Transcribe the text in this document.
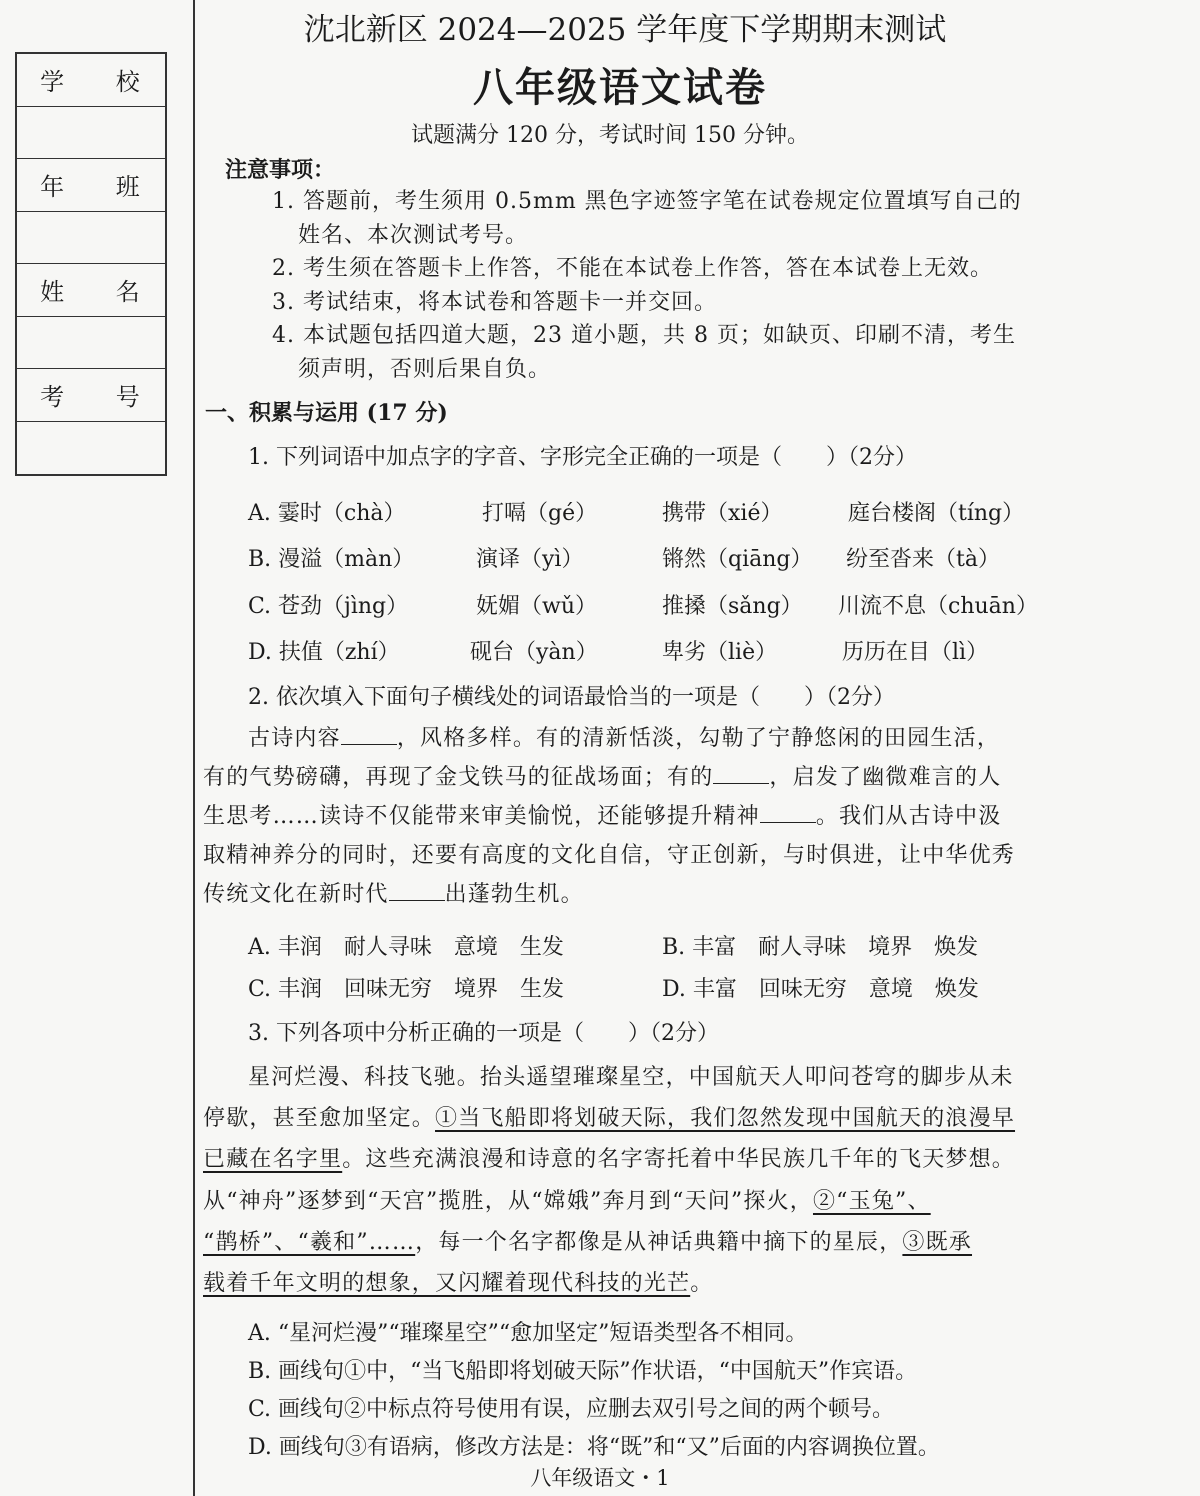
学 校
年 班
姓 名
考 号
沈北新区 2024—2025 学年度下学期期末测试
八年级语文试卷
试题满分 120 分，考试时间 150 分钟。
注意事项：
1. 答题前，考生须用 0.5mm 黑色字迹签字笔在试卷规定位置填写自己的
姓名、本次测试考号。
2. 考生须在答题卡上作答，不能在本试卷上作答，答在本试卷上无效。
3. 考试结束，将本试卷和答题卡一并交回。
4. 本试题包括四道大题，23 道小题，共 8 页；如缺页、印刷不清，考生
须声明，否则后果自负。
一、积累与运用 (17 分)
1. 下列词语中加点字的字音、字形完全正确的一项是（　　）（2分）
A. 霎时（chà）	打嗝（gé）	携带（xié）	庭台楼阁（tíng）
B. 漫溢（màn）	演译（yì）	锵然（qiāng） 纷至沓来（tà）
C. 苍劲（jìng）	妩媚（wǔ）	推搡（sǎng） 川流不息（chuān）
D. 扶值（zhí）	砚台（yàn）	卑劣（liè）	历历在目（lì）
2. 依次填入下面句子横线处的词语最恰当的一项是（　　）（2分）
古诗内容	，风格多样。有的清新恬淡，勾勒了宁静悠闲的田园生活，
有的气势磅礴，再现了金戈铁马的征战场面；有的	，启发了幽微难言的人
生思考……读诗不仅能带来审美愉悦，还能够提升精神	。我们从古诗中汲
取精神养分的同时，还要有高度的文化自信，守正创新，与时俱进，让中华优秀
传统文化在新时代	出蓬勃生机。
A. 丰润　耐人寻味　意境　生发	B. 丰富　耐人寻味　境界　焕发
C. 丰润　回味无穷　境界　生发	D. 丰富　回味无穷　意境　焕发
3. 下列各项中分析正确的一项是（　　）（2分）
星河烂漫、科技飞驰。抬头遥望璀璨星空，中国航天人叩问苍穹的脚步从未
停歇，甚至愈加坚定。①当飞船即将划破天际，我们忽然发现中国航天的浪漫早
已藏在名字里。这些充满浪漫和诗意的名字寄托着中华民族几千年的飞天梦想。
从“神舟”逐梦到“天宫”揽胜，从“嫦娥”奔月到“天问”探火，②“玉兔”、
“鹊桥”、“羲和”……，每一个名字都像是从神话典籍中摘下的星辰，③既承
载着千年文明的想象，又闪耀着现代科技的光芒。
A. “星河烂漫”“璀璨星空”“愈加坚定”短语类型各不相同。
B. 画线句①中，“当飞船即将划破天际”作状语，“中国航天”作宾语。
C. 画线句②中标点符号使用有误，应删去双引号之间的两个顿号。
D. 画线句③有语病，修改方法是：将“既”和“又”后面的内容调换位置。
八年级语文・1
